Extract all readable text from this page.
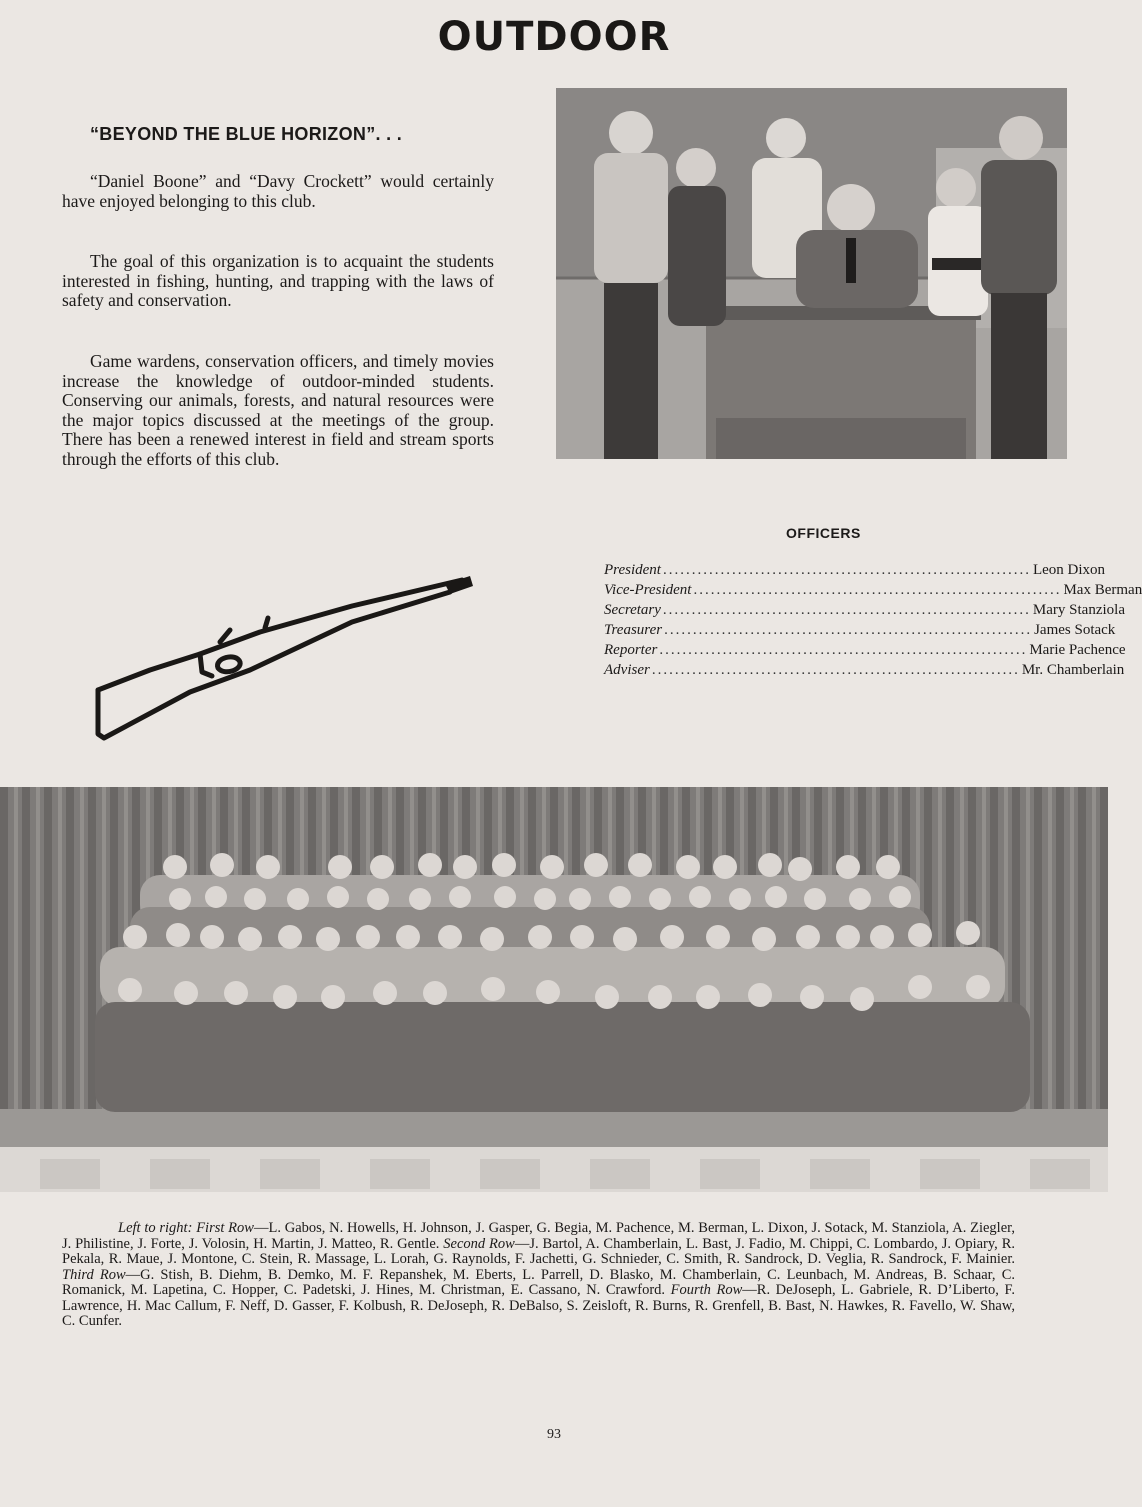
OUTDOOR
“BEYOND THE BLUE HORIZON”. . .

“Daniel Boone” and “Davy Crockett” would certainly have enjoyed belonging to this club.

The goal of this organization is to acquaint the students interested in fishing, hunting, and trapping with the laws of safety and conservation.

Game wardens, conservation officers, and timely movies increase the knowledge of outdoor-minded students. Conserving our animals, forests, and natural resources were the major topics discussed at the meetings of the group. There has been a renewed interest in field and stream sports through the efforts of this club.

OFFICERS
President ................................................................ Leon Dixon
Vice-President ................................................................ Max Berman
Secretary ................................................................ Mary Stanziola
Treasurer ................................................................ James Sotack
Reporter ................................................................ Marie Pachence
Adviser ................................................................ Mr. Chamberlain

Left to right: First Row—L. Gabos, N. Howells, H. Johnson, J. Gasper, G. Begia, M. Pachence, M. Berman, L. Dixon, J. Sotack, M. Stanziola, A. Ziegler, J. Philistine, J. Forte, J. Volosin, H. Martin, J. Matteo, R. Gentle. Second Row—J. Bartol, A. Chamberlain, L. Bast, J. Fadio, M. Chippi, C. Lombardo, J. Opiary, R. Pekala, R. Maue, J. Montone, C. Stein, R. Massage, L. Lorah, G. Raynolds, F. Jachetti, G. Schnieder, C. Smith, R. Sandrock, D. Veglia, R. Sandrock, F. Mainier. Third Row—G. Stish, B. Diehm, B. Demko, M. F. Repanshek, M. Eberts, L. Parrell, D. Blasko, M. Chamberlain, C. Leunbach, M. Andreas, B. Schaar, C. Romanick, M. Lapetina, C. Hopper, C. Padetski, J. Hines, M. Christman, E. Cassano, N. Crawford. Fourth Row—R. DeJoseph, L. Gabriele, R. D’Liberto, F. Lawrence, H. Mac Callum, F. Neff, D. Gasser, F. Kolbush, R. DeJoseph, R. DeBalso, S. Zeisloft, R. Burns, R. Grenfell, B. Bast, N. Hawkes, R. Favello, W. Shaw, C. Cunfer.

93
